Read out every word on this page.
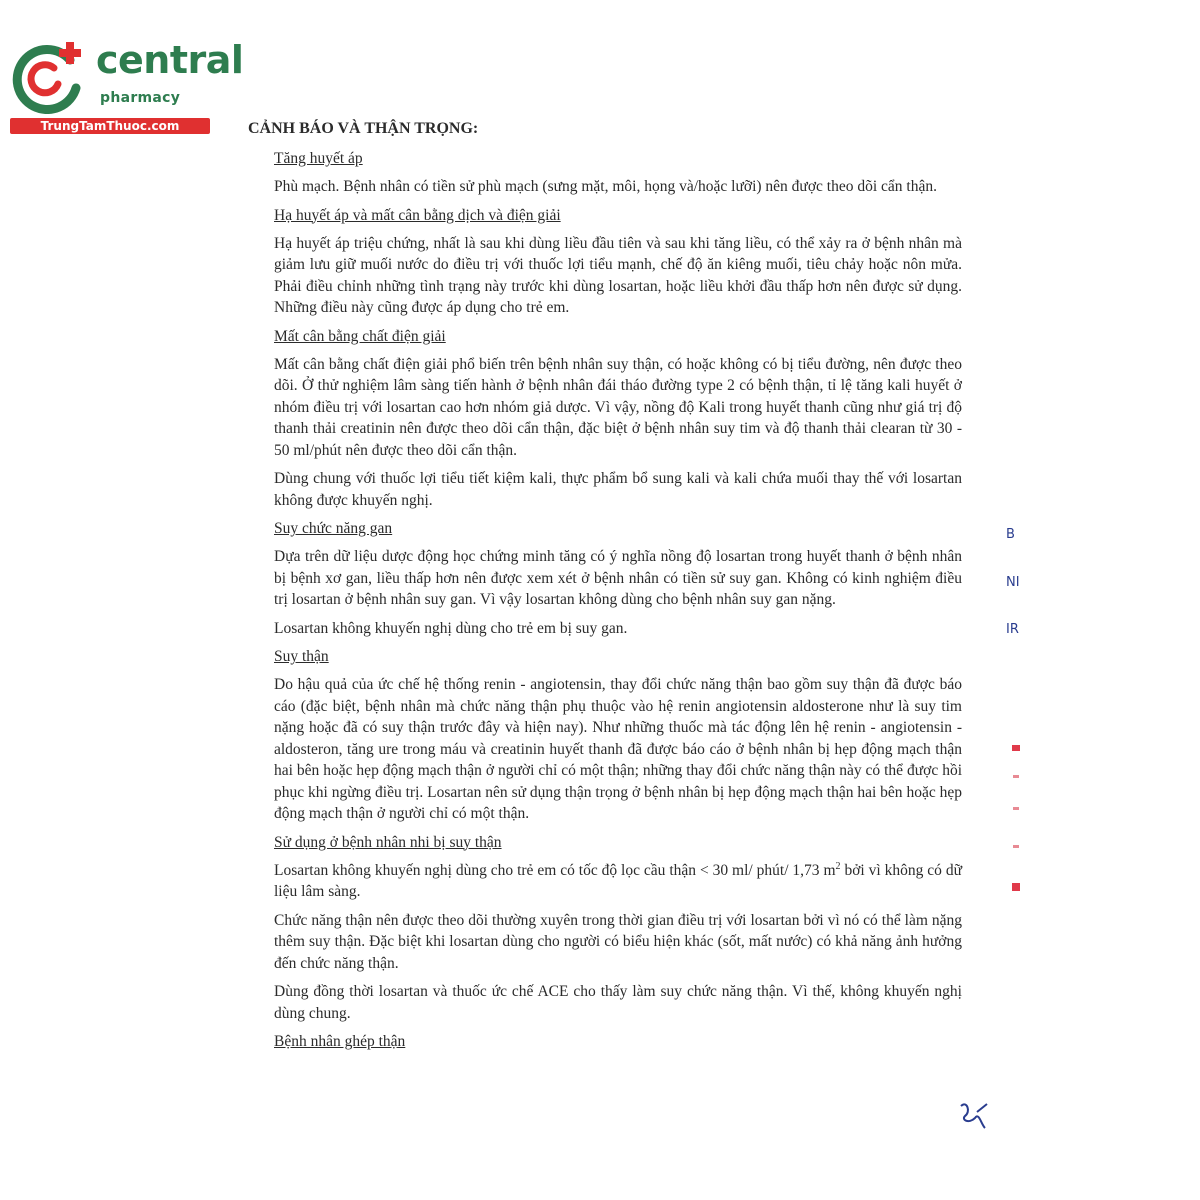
central
pharmacy
TrungTamThuoc.com	CẢNH BÁO VÀ THẬN TRỌNG:
Tăng huyết áp

Phù mạch. Bệnh nhân có tiền sử phù mạch (sưng mặt, môi, họng và/hoặc lưỡi) nên được theo dõi cẩn thận.

Hạ huyết áp và mất cân bằng dịch và điện giải

Hạ huyết áp triệu chứng, nhất là sau khi dùng liều đầu tiên và sau khi tăng liều, có thể xảy ra ở bệnh nhân mà giảm lưu giữ muối nước do điều trị với thuốc lợi tiểu mạnh, chế độ ăn kiêng muối, tiêu chảy hoặc nôn mửa. Phải điều chỉnh những tình trạng này trước khi dùng losartan, hoặc liều khởi đầu thấp hơn nên được sử dụng. Những điều này cũng được áp dụng cho trẻ em.

Mất cân bằng chất điện giải

Mất cân bằng chất điện giải phổ biến trên bệnh nhân suy thận, có hoặc không có bị tiểu đường, nên được theo dõi. Ở thử nghiệm lâm sàng tiến hành ở bệnh nhân đái tháo đường type 2 có bệnh thận, tỉ lệ tăng kali huyết ở nhóm điều trị với losartan cao hơn nhóm giả dược. Vì vậy, nồng độ Kali trong huyết thanh cũng như giá trị độ thanh thải creatinin nên được theo dõi cẩn thận, đặc biệt ở bệnh nhân suy tim và độ thanh thải clearan từ 30 - 50 ml/phút nên được theo dõi cẩn thận.

Dùng chung với thuốc lợi tiểu tiết kiệm kali, thực phẩm bổ sung kali và kali chứa muối thay thế với losartan không được khuyến nghị.

Suy chức năng gan

Dựa trên dữ liệu dược động học chứng minh tăng có ý nghĩa nồng độ losartan trong huyết thanh ở bệnh nhân bị bệnh xơ gan, liều thấp hơn nên được xem xét ở bệnh nhân có tiền sử suy gan. Không có kinh nghiệm điều trị losartan ở bệnh nhân suy gan. Vì vậy losartan không dùng cho bệnh nhân suy gan nặng.

Losartan không khuyến nghị dùng cho trẻ em bị suy gan.

Suy thận

Do hậu quả của ức chế hệ thống renin - angiotensin, thay đổi chức năng thận bao gồm suy thận đã được báo cáo (đặc biệt, bệnh nhân mà chức năng thận phụ thuộc vào hệ renin angiotensin aldosterone như là suy tim nặng hoặc đã có suy thận trước đây và hiện nay). Như những thuốc mà tác động lên hệ renin - angiotensin - aldosteron, tăng ure trong máu và creatinin huyết thanh đã được báo cáo ở bệnh nhân bị hẹp động mạch thận hai bên hoặc hẹp động mạch thận ở người chỉ có một thận; những thay đổi chức năng thận này có thể được hồi phục khi ngừng điều trị. Losartan nên sử dụng thận trọng ở bệnh nhân bị hẹp động mạch thận hai bên hoặc hẹp động mạch thận ở người chỉ có một thận.

Sử dụng ở bệnh nhân nhi bị suy thận

Losartan không khuyến nghị dùng cho trẻ em có tốc độ lọc cầu thận < 30 ml/ phút/ 1,73 $m^2$ bởi vì không có dữ liệu lâm sàng.

Chức năng thận nên được theo dõi thường xuyên trong thời gian điều trị với losartan bởi vì nó có thể làm nặng thêm suy thận. Đặc biệt khi losartan dùng cho người có biểu hiện khác (sốt, mất nước) có khả năng ảnh hưởng đến chức năng thận.

Dùng đồng thời losartan và thuốc ức chế ACE cho thấy làm suy chức năng thận. Vì thế, không khuyến nghị dùng chung.

Bệnh nhân ghép thận
B
NI
IR
